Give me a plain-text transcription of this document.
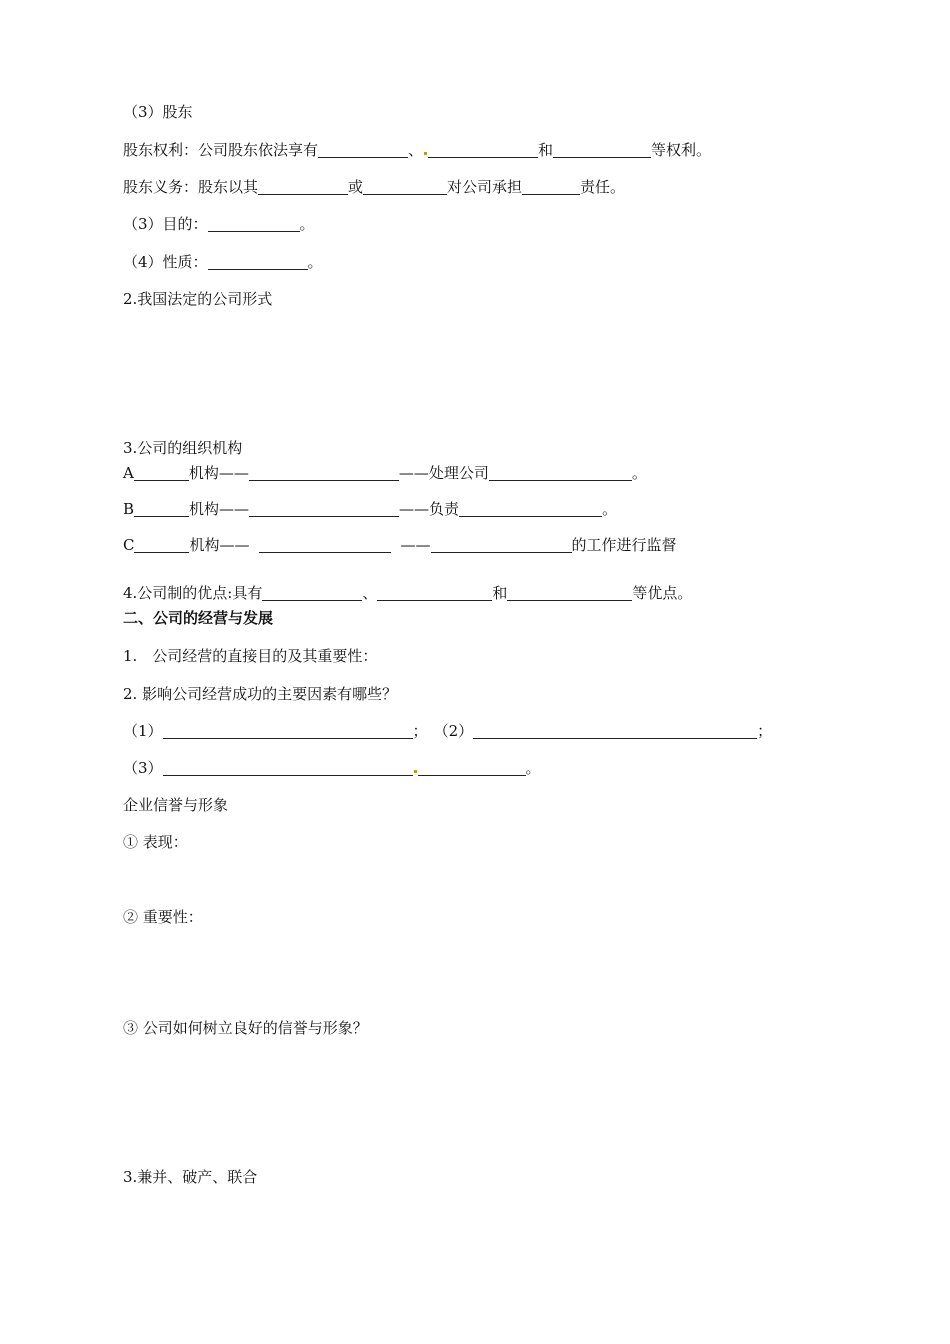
（3）股东
股东权利：公司股东依法享有	、	和	等权利。
股东义务：股东以其	或	对公司承担	责任。
（3）目的：	。
（4）性质：	。
2.我国法定的公司形式
3.公司的组织机构
A	机构——	——处理公司	。
B	机构——	——负责	。
C	机构——	——	的工作进行监督
4.公司制的优点:具有	、	和	等优点。
二、公司的经营与发展
1.　公司经营的直接目的及其重要性：
2. 影响公司经营成功的主要因素有哪些？
（1）	； （2）	；
（3）	。
企业信誉与形象
① 表现：
② 重要性：
③ 公司如何树立良好的信誉与形象？
3.兼并、破产、联合
